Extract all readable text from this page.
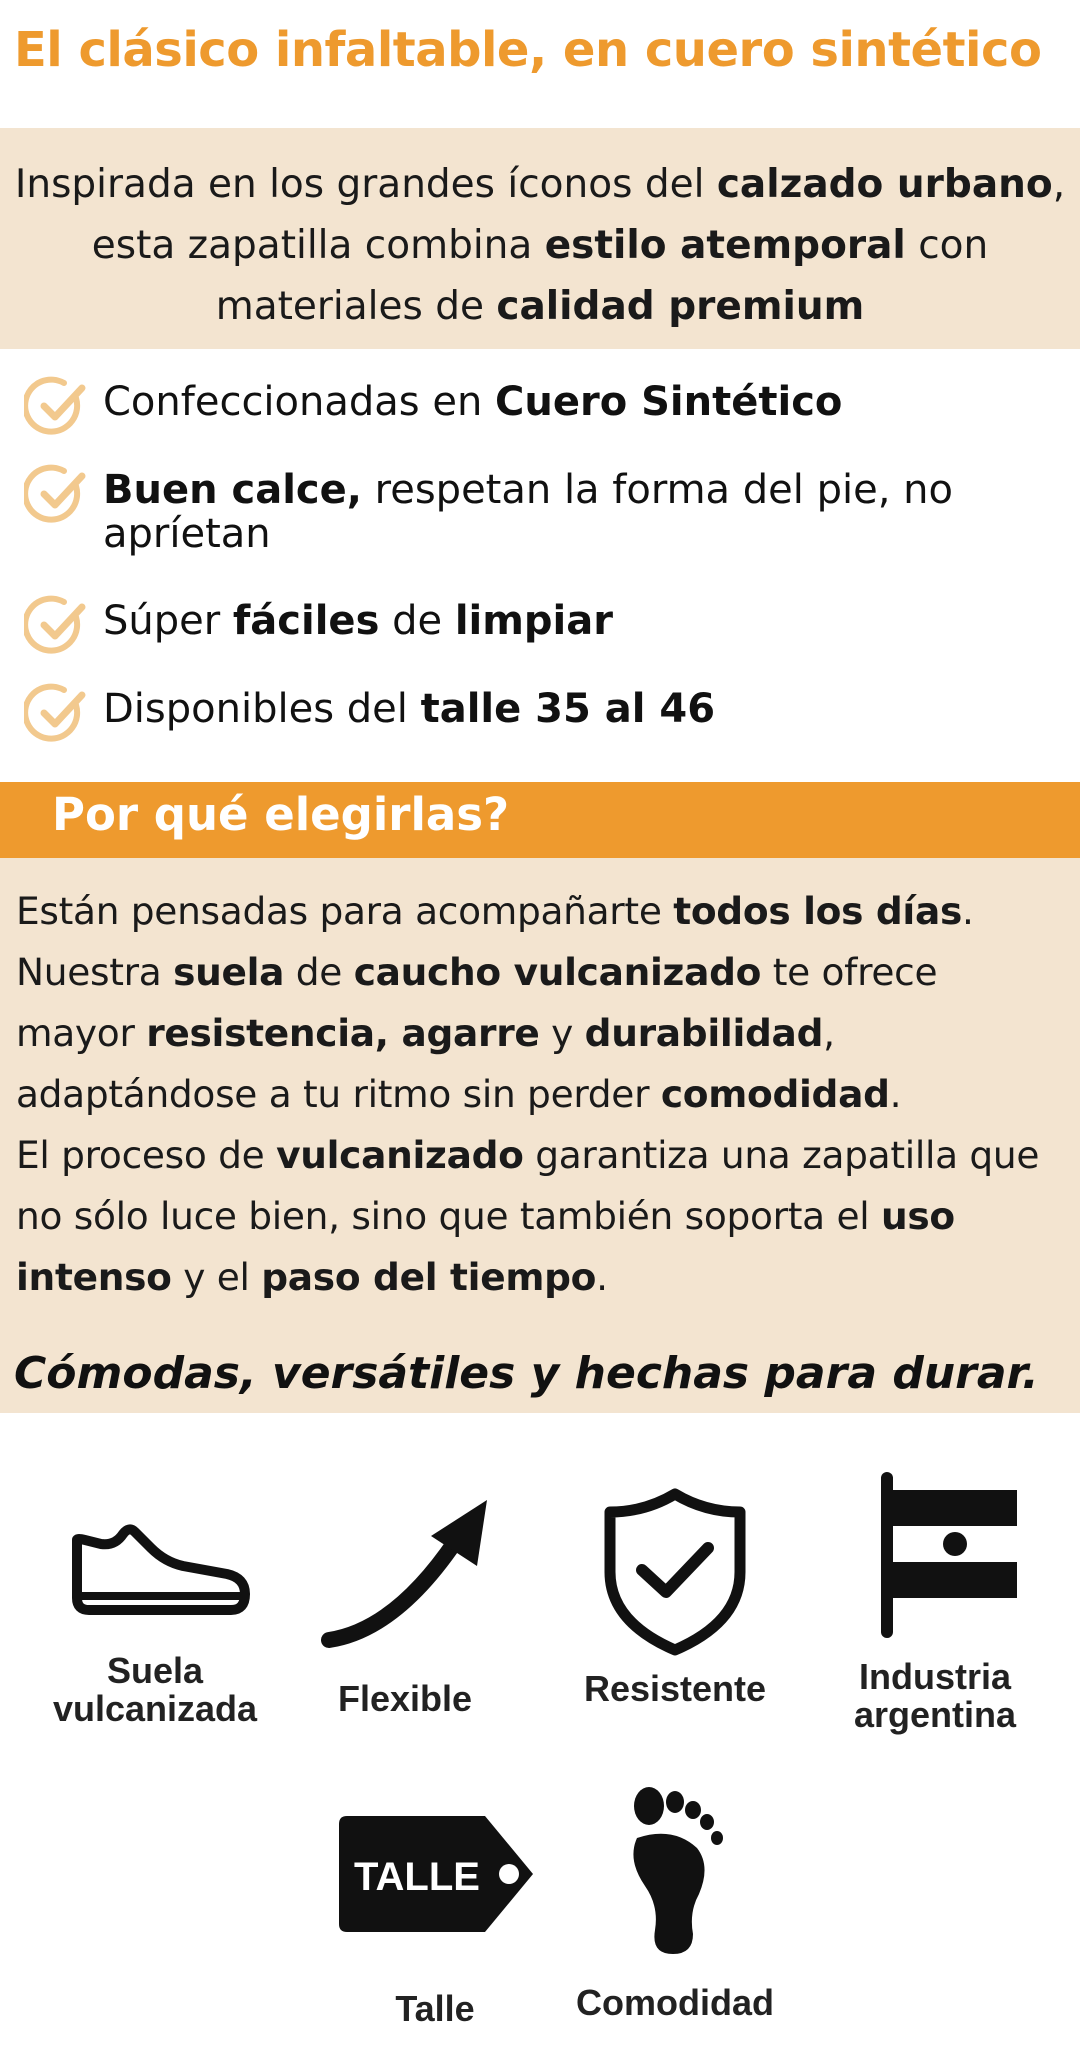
El clásico infaltable, en cuero sintético
Inspirada en los grandes íconos del calzado urbano,
esta zapatilla combina estilo atemporal con
materiales de calidad premium
Confeccionadas en Cuero Sintético
Buen calce, respetan la forma del pie, no apríetan
Súper fáciles de limpiar
Disponibles del talle 35 al 46
Por qué elegirlas?
Están pensadas para acompañarte todos los días.
Nuestra suela de caucho vulcanizado te ofrece
mayor resistencia, agarre y durabilidad,
adaptándose a tu ritmo sin perder comodidad.
El proceso de vulcanizado garantiza una zapatilla que
no sólo luce bien, sino que también soporta el uso
intenso y el paso del tiempo.
Cómodas, versátiles y hechas para durar.
Suela
vulcanizada	Flexible	Resistente	Industria
argentina
TALLE
Talle	Comodidad
